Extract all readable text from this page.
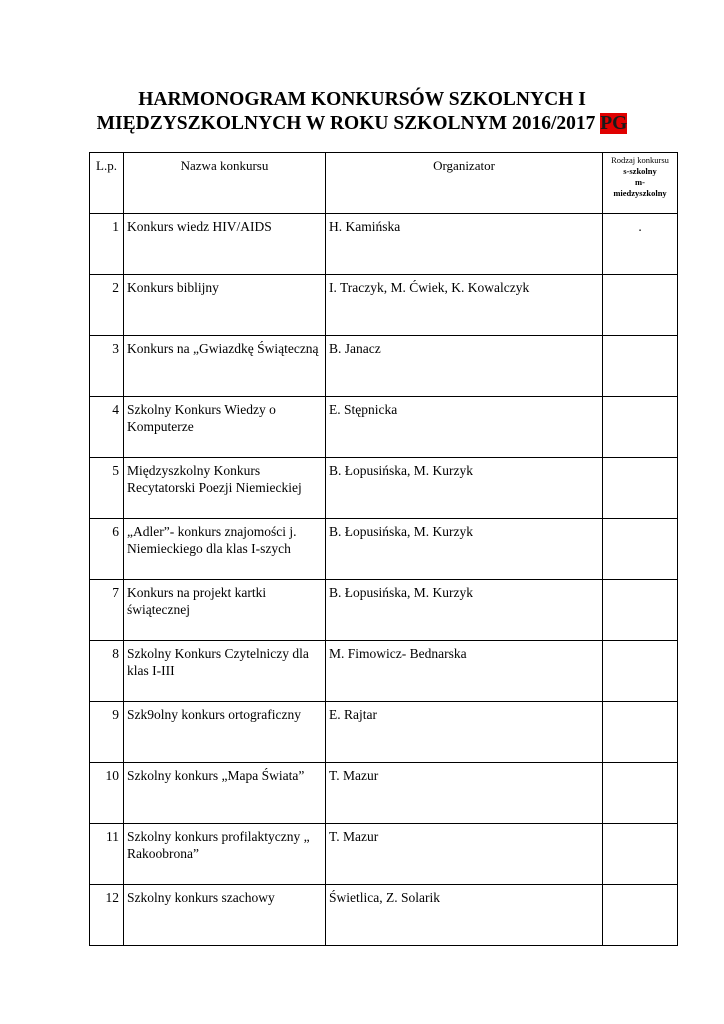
HARMONOGRAM KONKURSÓW SZKOLNYCH I
MIĘDZYSZKOLNYCH W ROKU SZKOLNYM 2016/2017 PG
L.p.	Nazwa konkursu	Organizator	Rodzaj konkursu
s-szkolny
m-
miedzyszkolny

1	Konkurs wiedz HIV/AIDS	H. Kamińska	.
2	Konkurs biblijny	I. Traczyk, M. Ćwiek, K. Kowalczyk	
3	Konkurs na „Gwiazdkę Świąteczną	B. Janacz	
4	Szkolny Konkurs Wiedzy o Komputerze	E. Stępnicka	
5	Międzyszkolny Konkurs Recytatorski Poezji Niemieckiej	B. Łopusińska, M. Kurzyk	
6	„Adler”- konkurs znajomości j. Niemieckiego dla klas I-szych	B. Łopusińska, M. Kurzyk	
7	Konkurs na projekt kartki świątecznej	B. Łopusińska, M. Kurzyk	
8	Szkolny Konkurs Czytelniczy dla klas I-III	M. Fimowicz- Bednarska	
9	Szk9olny konkurs ortograficzny	E. Rajtar	
10	Szkolny konkurs „Mapa Świata”	T. Mazur	
11	Szkolny konkurs profilaktyczny „ Rakoobrona”	T. Mazur	
12	Szkolny konkurs szachowy	Świetlica, Z. Solarik	
